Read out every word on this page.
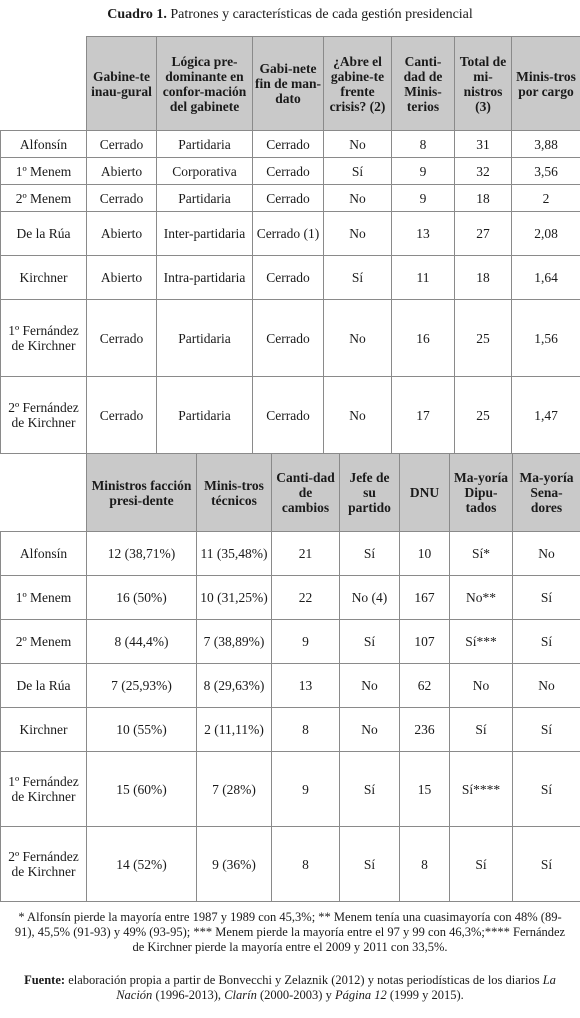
Cuadro 1. Patrones y características de cada gestión presidencial
	Gabine-te inau-gural	Lógica pre-dominante en confor-mación del gabinete	Gabi-nete fin de man-dato	¿Abre el gabine-te frente crisis? (2)	Canti-dad de Minis-terios	Total de mi-nistros (3)	Minis-tros por cargo
Alfonsín	Cerrado	Partidaria	Cerrado	No	8	31	3,88
1º Menem	Abierto	Corporativa	Cerrado	Sí	9	32	3,56
2º Menem	Cerrado	Partidaria	Cerrado	No	9	18	2
De la Rúa	Abierto	Inter-partidaria	Cerrado (1)	No	13	27	2,08
Kirchner	Abierto	Intra-partidaria	Cerrado	Sí	11	18	1,64
1º Fernández de Kirchner	Cerrado	Partidaria	Cerrado	No	16	25	1,56
2º Fernández de Kirchner	Cerrado	Partidaria	Cerrado	No	17	25	1,47
	Ministros facción presi-dente	Minis-tros técnicos	Canti-dad de cambios	Jefe de su partido	DNU	Ma-yoría Dipu-tados	Ma-yoría Sena-dores
Alfonsín	12 (38,71%)	11 (35,48%)	21	Sí	10	Sí*	No
1º Menem	16 (50%)	10 (31,25%)	22	No (4)	167	No**	Sí
2º Menem	8 (44,4%)	7 (38,89%)	9	Sí	107	Sí***	Sí
De la Rúa	7 (25,93%)	8 (29,63%)	13	No	62	No	No
Kirchner	10 (55%)	2 (11,11%)	8	No	236	Sí	Sí
1º Fernández de Kirchner	15 (60%)	7 (28%)	9	Sí	15	Sí****	Sí
2º Fernández de Kirchner	14 (52%)	9 (36%)	8	Sí	8	Sí	Sí
* Alfonsín pierde la mayoría entre 1987 y 1989 con 45,3%; ** Menem tenía una cuasimayoría con 48% (89-91), 45,5% (91-93) y 49% (93-95); *** Menem pierde la mayoría entre el 97 y 99 con 46,3%;**** Fernández de Kirchner pierde la mayoría entre el 2009 y 2011 con 33,5%.
Fuente: elaboración propia a partir de Bonvecchi y Zelaznik (2012) y notas periodísticas de los diarios La Nación (1996-2013), Clarín (2000-2003) y Página 12 (1999 y 2015).
